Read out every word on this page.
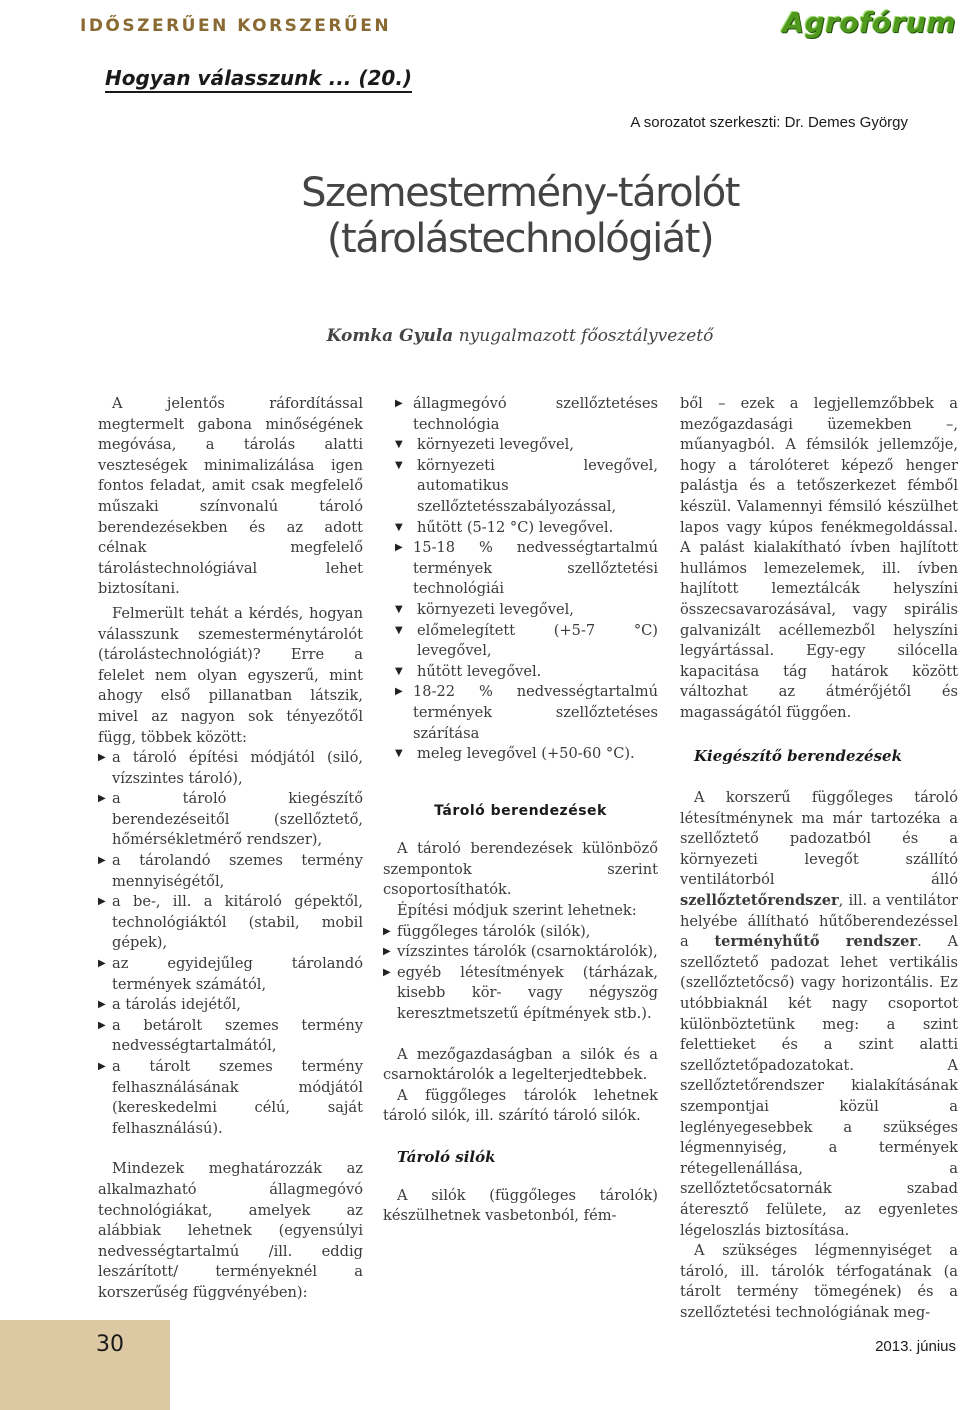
IDŐSZERŰEN KORSZERŰEN	Agrofórum
Hogyan válasszunk ... (20.)
A sorozatot szerkeszti: Dr. Demes György
Szemestermény-tárolót
(tárolástechnológiát)
Komka Gyula nyugalmazott főosztályvezető

A jelentős ráfordítással megtermelt gabona minőségének megóvása, a tárolás alatti veszteségek minimalizálása igen fontos feladat, amit csak megfelelő műszaki színvonalú tároló berendezésekben és az adott célnak megfelelő tárolástechnológiával lehet biztosítani.

Felmerült tehát a kérdés, hogyan válasszunk szemesterménytárolót (tárolástechnológiát)? Erre a felelet nem olyan egyszerű, mint ahogy első pillanatban látszik, mivel az nagyon sok tényezőtől függ, többek között:

▶ a tároló építési módjától (siló, vízszintes tároló),
▶ a tároló kiegészítő berendezéseitől (szellőztető, hőmérsékletmérő rendszer),
▶ a tárolandó szemes termény mennyiségétől,
▶ a be-, ill. a kitároló gépektől, technológiáktól (stabil, mobil gépek),
▶ az egyidejűleg tárolandó termények számától,
▶ a tárolás idejétől,
▶ a betárolt szemes termény nedvességtartalmától,
▶ a tárolt szemes termény felhasználásának módjától (kereskedelmi célú, saját felhasználású).

Mindezek meghatározzák az alkalmazható állagmegóvó technológiákat, amelyek az alábbiak lehetnek (egyensúlyi nedvességtartalmú /ill. eddig leszárított/ terményeknél a korszerűség függvényében):

▶ állagmegóvó szellőztetéses technológia
▼ környezeti levegővel,
▼ környezeti levegővel, automatikus szellőztetésszabályozással,
▼ hűtött (5-12 °C) levegővel.
▶ 15-18 % nedvességtartalmú termények szellőztetési technológiái
▼ környezeti levegővel,
▼ előmelegített (+5-7 °C) levegővel,
▼ hűtött levegővel.
▶ 18-22 % nedvességtartalmú termények szellőztetéses szárítása
▼ meleg levegővel (+50-60 °C).
Tároló berendezések

A tároló berendezések különböző szempontok szerint csoportosíthatók.

Építési módjuk szerint lehetnek:

▶ függőleges tárolók (silók),
▶ vízszintes tárolók (csarnoktárolók),
▶ egyéb létesítmények (tárházak, kisebb kör- vagy négyszög keresztmetszetű építmények stb.).

A mezőgazdaságban a silók és a csarnoktárolók a legelterjedtebbek.

A függőleges tárolók lehetnek tároló silók, ill. szárító tároló silók.

Tároló silók

A silók (függőleges tárolók) készülhetnek vasbetonból, fém-

ből – ezek a legjellemzőbbek a mezőgazdasági üzemekben –, műanyagból. A fémsilók jellemzője, hogy a tárolóteret képező henger palástja és a tetőszerkezet fémből készül. Valamennyi fémsiló készülhet lapos vagy kúpos fenékmegoldással. A palást kialakítható ívben hajlított hullámos lemezelemek, ill. ívben hajlított lemeztálcák helyszíni összecsavarozásával, vagy spirális galvanizált acéllemezből helyszíni legyártással. Egy-egy silócella kapacitása tág határok között változhat az átmérőjétől és magasságától függően.

Kiegészítő berendezések

A korszerű függőleges tároló létesítménynek ma már tartozéka a szellőztető padozatból és a környezeti levegőt szállító ventilátorból álló szellőztetőrendszer, ill. a ventilátor helyébe állítható hűtőberendezéssel a terményhűtő rendszer. A szellőztető padozat lehet vertikális (szellőztetőcső) vagy horizontális. Ez utóbbiaknál két nagy csoportot különböztetünk meg: a szint felettieket és a szint alatti szellőztetőpadozatokat. A szellőztetőrendszer kialakításának szempontjai közül a leglényegesebbek a szükséges légmennyiség, a termények rétegellenállása, a szellőztetőcsatornák szabad áteresztő felülete, az egyenletes légeloszlás biztosítása.

A szükséges légmennyiséget a tároló, ill. tárolók térfogatának (a tárolt termény tömegének) és a szellőztetési technológiának meg-

30	2013. június
